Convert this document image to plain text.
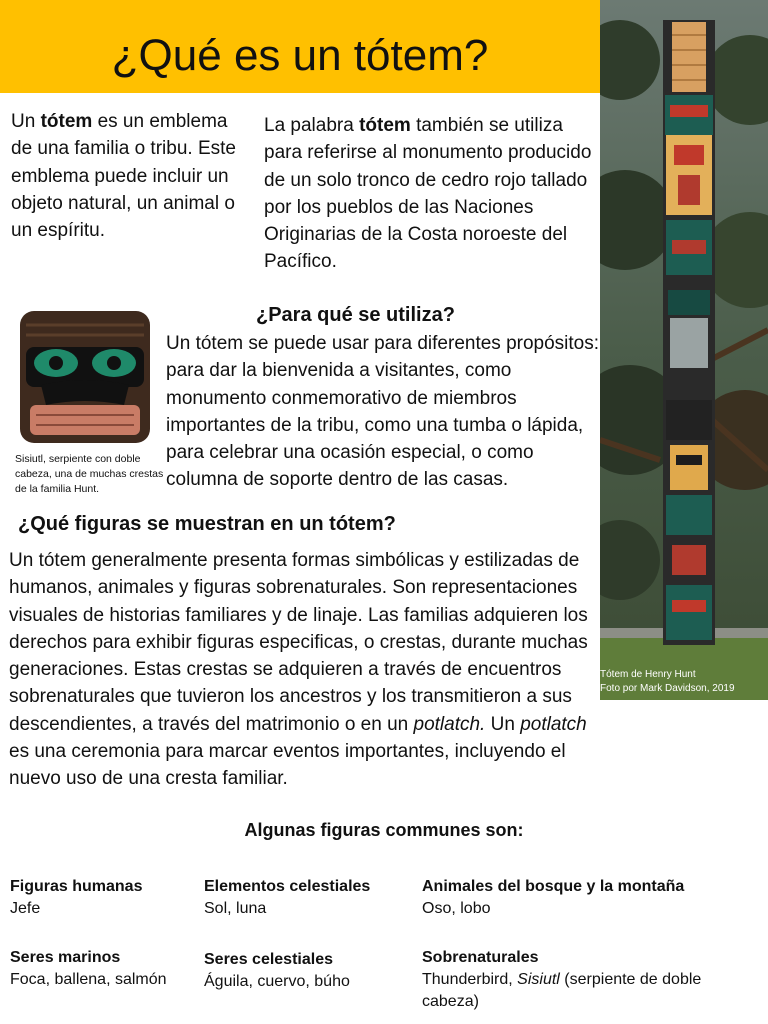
¿Qué es un tótem?
Un tótem es un emblema de una familia o tribu. Este emblema puede incluir un objeto natural, un animal o un espíritu.
La palabra tótem también se utiliza para referirse al monumento producido de un solo tronco de cedro rojo tallado por los pueblos de las Naciones Originarias de la Costa noroeste del Pacífico.
Tótem de Henry Hunt
Foto por Mark Davidson, 2019
¿Para qué se utiliza?
Sisiutl, serpiente con doble cabeza, una de muchas crestas de la familia Hunt.
Un tótem se puede usar para diferentes propósitos: para dar la bienvenida a visitantes, como monumento conmemorativo de miembros importantes de la tribu, como una tumba o lápida, para celebrar una ocasión especial, o como columna de soporte dentro de las casas.
¿Qué figuras se muestran en un tótem?
Un tótem generalmente presenta formas simbólicas y estilizadas de humanos, animales y figuras sobrenaturales. Son representaciones visuales de historias familiares y de linaje. Las familias adquieren los derechos para exhibir figuras especificas, o crestas, durante muchas generaciones. Estas crestas se adquieren a través de encuentros sobrenaturales que tuvieron los ancestros y los transmitieron a sus descendientes, a través del matrimonio o en un potlatch. Un potlatch es una ceremonia para marcar eventos importantes, incluyendo el nuevo uso de una cresta familiar.
Algunas figuras communes son:
Figuras humanas
Jefe
Elementos celestiales
Sol, luna
Animales del bosque y la montaña
Oso, lobo
Seres marinos
Foca, ballena, salmón
Seres celestiales
Águila, cuervo, búho
Sobrenaturales
Thunderbird, Sisiutl (serpiente de doble cabeza)
